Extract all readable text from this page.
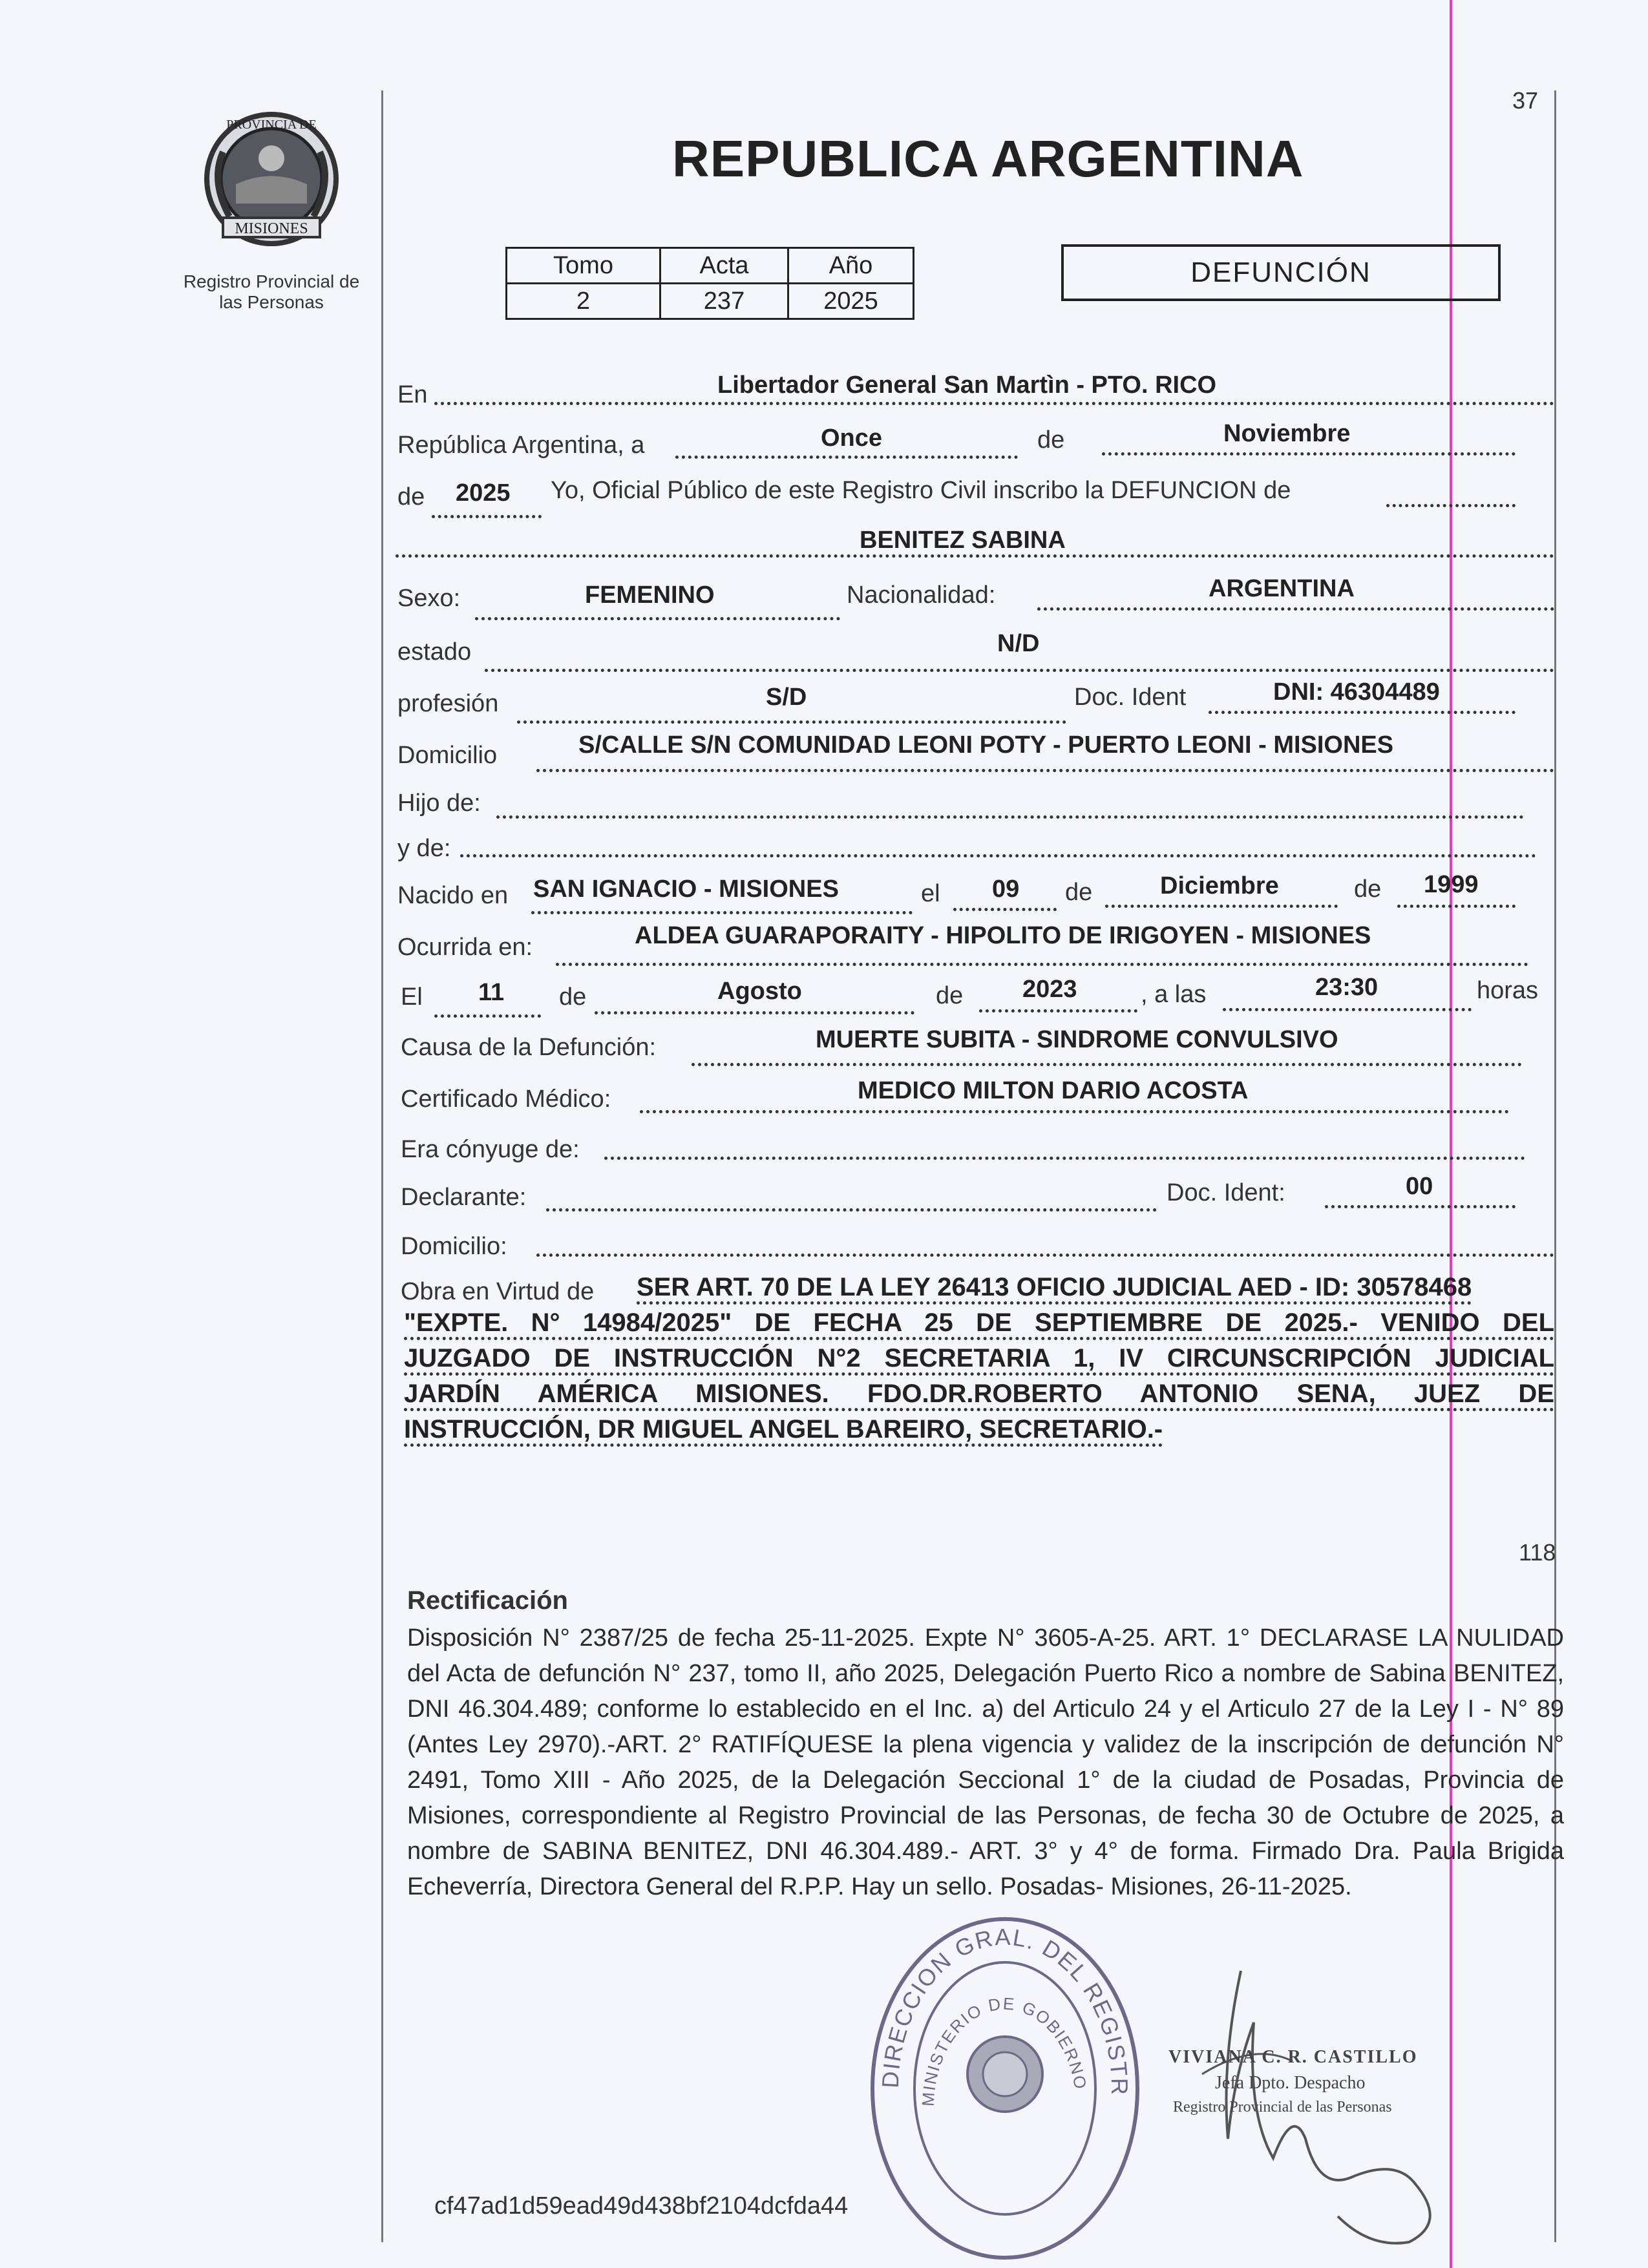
37
MISIONES
PROVINCIA DE
Registro Provincial de las Personas
REPUBLICA ARGENTINA
Tomo	Acta	Año
2	237	2025
DEFUNCIÓN
En	Libertador General San Martìn - PTO. RICO
República Argentina, a	Once	de	Noviembre
de 2025 Yo, Oficial Público de este Registro Civil inscribo la DEFUNCION de
BENITEZ SABINA
Sexo:	FEMENINO	Nacionalidad:	ARGENTINA
estado	N/D
profesión	S/D	Doc. Ident	DNI: 46304489
Domicilio	S/CALLE S/N COMUNIDAD LEONI POTY - PUERTO LEONI - MISIONES
Hijo de:
y de:
Nacido en SAN IGNACIO - MISIONES	el 09 de	Diciembre	de 1999
Ocurrida en:	ALDEA GUARAPORAITY - HIPOLITO DE IRIGOYEN - MISIONES
El 11 de	Agosto	de 2023	, a las	23:30	horas
Causa de la Defunción:	MUERTE SUBITA - SINDROME CONVULSIVO
Certificado Médico:	MEDICO MILTON DARIO ACOSTA
Era cónyuge de:
Declarante:	Doc. Ident:	00
Domicilio:
Obra en Virtud de SER ART. 70 DE LA LEY 26413 OFICIO JUDICIAL AED - ID: 30578468
"EXPTE. N° 14984/2025" DE FECHA 25 DE SEPTIEMBRE DE 2025.- VENIDO DEL
JUZGADO DE INSTRUCCIÓN N°2 SECRETARIA 1, IV CIRCUNSCRIPCIÓN JUDICIAL
JARDÍN AMÉRICA MISIONES. FDO.DR.ROBERTO ANTONIO SENA, JUEZ DE
INSTRUCCIÓN, DR MIGUEL ANGEL BAREIRO, SECRETARIO.-
118
Rectificación
Disposición N° 2387/25 de fecha 25-11-2025. Expte N° 3605-A-25. ART. 1° DECLARASE LA NULIDAD del Acta de defunción N° 237, tomo II, año 2025, Delegación Puerto Rico a nombre de Sabina BENITEZ, DNI 46.304.489; conforme lo establecido en el Inc. a) del Articulo 24 y el Articulo 27 de la Ley I - N° 89 (Antes Ley 2970).-ART. 2° RATIFÍQUESE la plena vigencia y validez de la inscripción de defunción N° 2491, Tomo XIII - Año 2025, de la Delegación Seccional 1° de la ciudad de Posadas, Provincia de Misiones, correspondiente al Registro Provincial de las Personas, de fecha 30 de Octubre de 2025, a nombre de SABINA BENITEZ, DNI 46.304.489.- ART. 3° y 4° de forma. Firmado Dra. Paula Brigida Echeverría, Directora General del R.P.P. Hay un sello. Posadas- Misiones, 26-11-2025.
DIRECCION GRAL. DEL REGISTR
MINISTERIO DE GOBIERNO
VIVIANA C. R. CASTILLO
Jefa Dpto. Despacho
Registro Provincial de las Personas
cf47ad1d59ead49d438bf2104dcfda44
